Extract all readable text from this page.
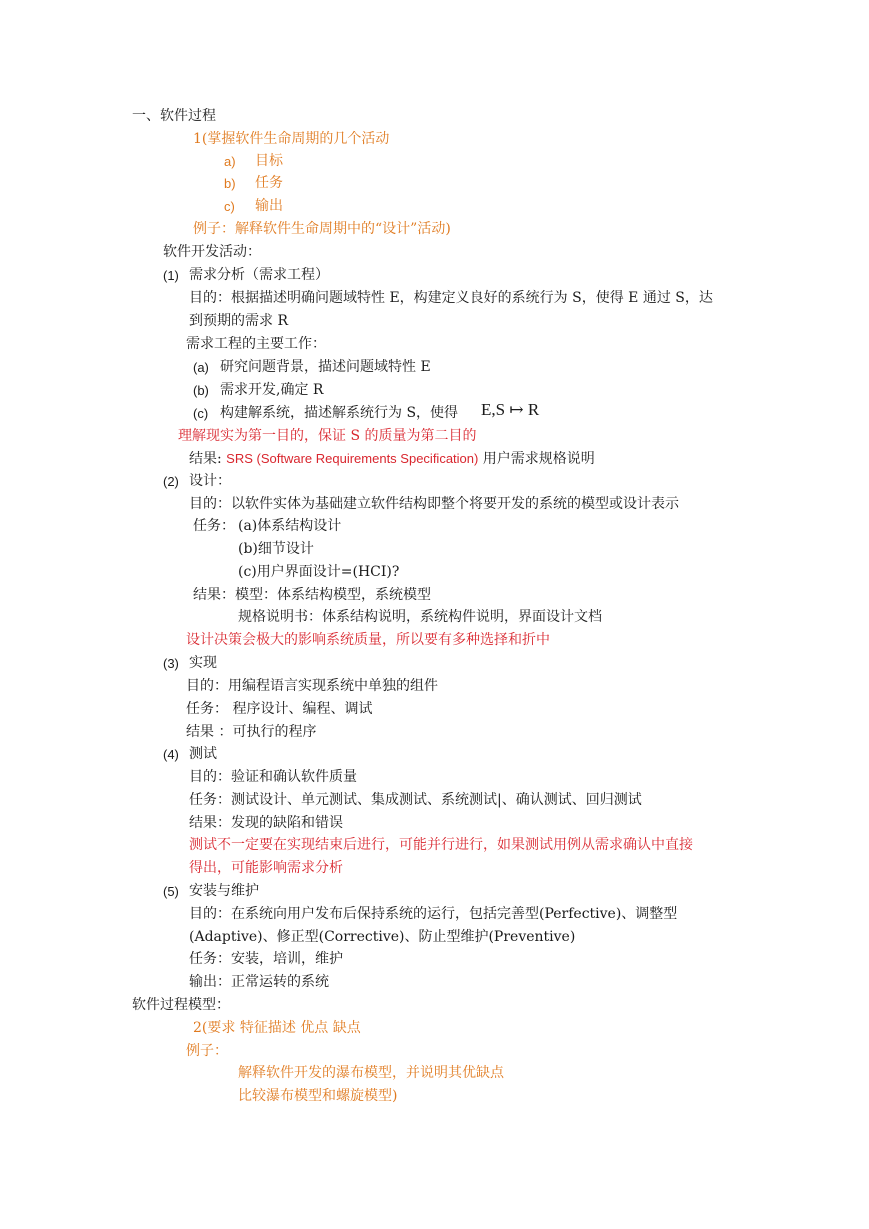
一、软件过程
1(掌握软件生命周期的几个活动
a) 目标
b) 任务
c) 输出
例子：解释软件生命周期中的“设计”活动)
软件开发活动：
(1) 需求分析（需求工程）
目的：根据描述明确问题域特性 E，构建定义良好的系统行为 S，使得 E 通过 S，达
到预期的需求 R
需求工程的主要工作：
(a) 研究问题背景，描述问题域特性 E
(b) 需求开发,确定 R
(c) 构建解系统，描述解系统行为 S，使得 E,S ↦ R
理解现实为第一目的，保证 S 的质量为第二目的
结果: SRS (Software Requirements Specification) 用户需求规格说明
(2) 设计：
目的：以软件实体为基础建立软件结构即整个将要开发的系统的模型或设计表示
任务： (a)体系结构设计
(b)细节设计
(c)用户界面设计=(HCI)?
结果：模型：体系结构模型，系统模型
规格说明书：体系结构说明，系统构件说明，界面设计文档
设计决策会极大的影响系统质量，所以要有多种选择和折中
(3) 实现
目的：用编程语言实现系统中单独的组件
任务： 程序设计、编程、调试
结果 ：可执行的程序
(4) 测试
目的：验证和确认软件质量
任务：测试设计、单元测试、集成测试、系统测试|、确认测试、回归测试
结果：发现的缺陷和错误
测试不一定要在实现结束后进行，可能并行进行，如果测试用例从需求确认中直接
得出，可能影响需求分析
(5) 安装与维护
目的：在系统向用户发布后保持系统的运行，包括完善型(Perfective)、调整型
(Adaptive)、修正型(Corrective)、防止型维护(Preventive)
任务：安装，培训，维护
输出：正常运转的系统
软件过程模型：
2(要求 特征描述 优点 缺点
例子：
解释软件开发的瀑布模型，并说明其优缺点
比较瀑布模型和螺旋模型)
